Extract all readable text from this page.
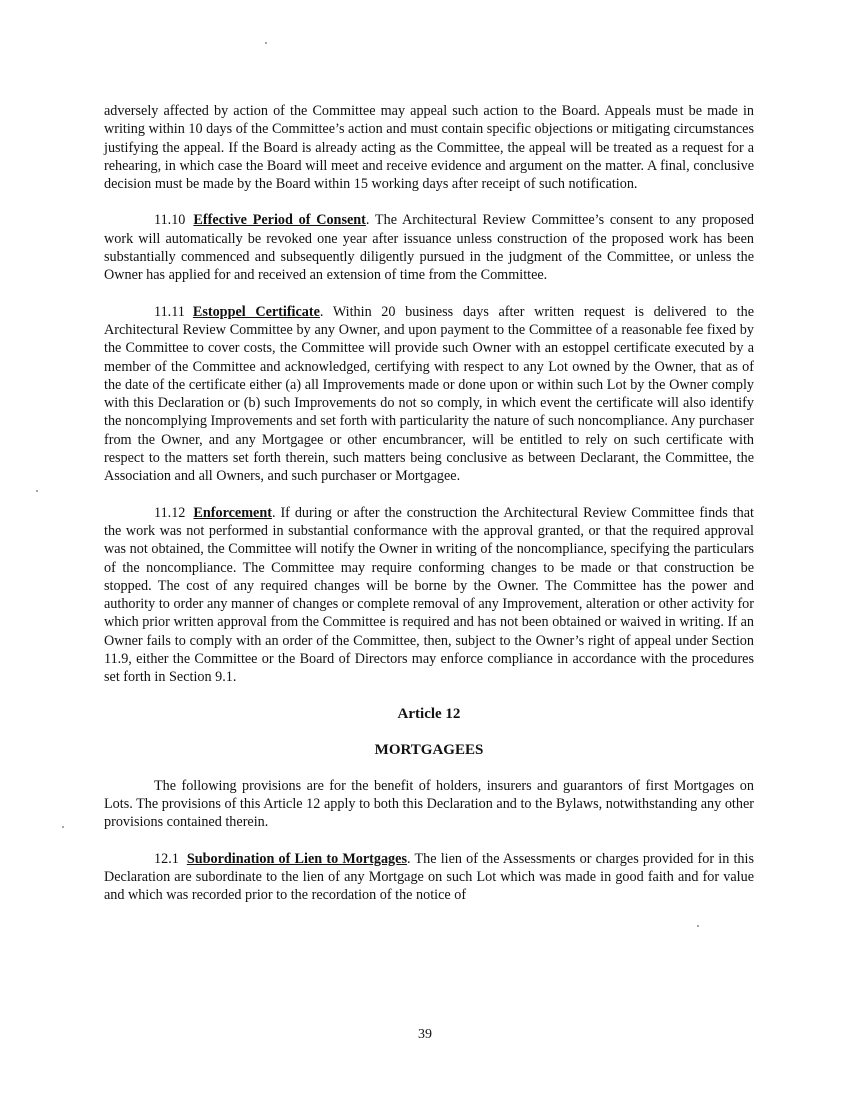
adversely affected by action of the Committee may appeal such action to the Board. Appeals must be made in writing within 10 days of the Committee’s action and must contain specific objections or mitigating circumstances justifying the appeal. If the Board is already acting as the Committee, the appeal will be treated as a request for a rehearing, in which case the Board will meet and receive evidence and argument on the matter. A final, conclusive decision must be made by the Board within 15 working days after receipt of such notification.

11.10 Effective Period of Consent. The Architectural Review Committee’s consent to any proposed work will automatically be revoked one year after issuance unless construction of the proposed work has been substantially commenced and subsequently diligently pursued in the judgment of the Committee, or unless the Owner has applied for and received an extension of time from the Committee.

11.11 Estoppel Certificate. Within 20 business days after written request is delivered to the Architectural Review Committee by any Owner, and upon payment to the Committee of a reasonable fee fixed by the Committee to cover costs, the Committee will provide such Owner with an estoppel certificate executed by a member of the Committee and acknowledged, certifying with respect to any Lot owned by the Owner, that as of the date of the certificate either (a) all Improvements made or done upon or within such Lot by the Owner comply with this Declaration or (b) such Improvements do not so comply, in which event the certificate will also identify the noncomplying Improvements and set forth with particularity the nature of such noncompliance. Any purchaser from the Owner, and any Mortgagee or other encumbrancer, will be entitled to rely on such certificate with respect to the matters set forth therein, such matters being conclusive as between Declarant, the Committee, the Association and all Owners, and such purchaser or Mortgagee.

11.12 Enforcement. If during or after the construction the Architectural Review Committee finds that the work was not performed in substantial conformance with the approval granted, or that the required approval was not obtained, the Committee will notify the Owner in writing of the noncompliance, specifying the particulars of the noncompliance. The Committee may require conforming changes to be made or that construction be stopped. The cost of any required changes will be borne by the Owner. The Committee has the power and authority to order any manner of changes or complete removal of any Improvement, alteration or other activity for which prior written approval from the Committee is required and has not been obtained or waived in writing. If an Owner fails to comply with an order of the Committee, then, subject to the Owner’s right of appeal under Section 11.9, either the Committee or the Board of Directors may enforce compliance in accordance with the procedures set forth in Section 9.1.

Article 12

MORTGAGEES

The following provisions are for the benefit of holders, insurers and guarantors of first Mortgages on Lots. The provisions of this Article 12 apply to both this Declaration and to the Bylaws, notwithstanding any other provisions contained therein.

12.1 Subordination of Lien to Mortgages. The lien of the Assessments or charges provided for in this Declaration are subordinate to the lien of any Mortgage on such Lot which was made in good faith and for value and which was recorded prior to the recordation of the notice of

39
